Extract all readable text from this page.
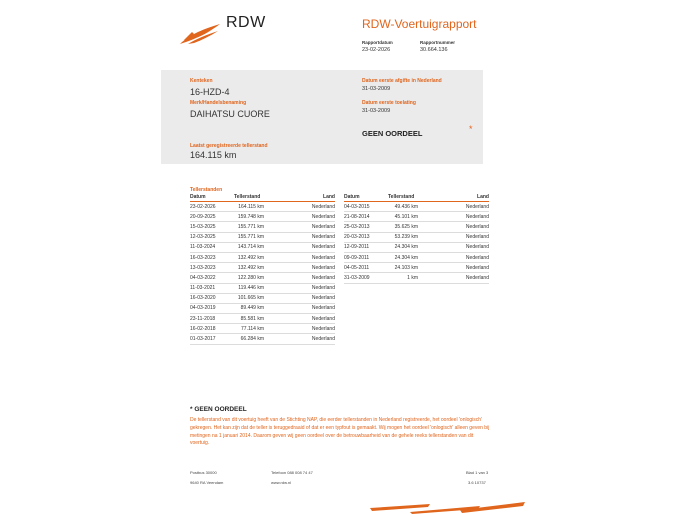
RDW	RDW-Voertuigrapport
Rapportdatum
23-02-2026
Rapportnummer
30.664.136
Kenteken
16-HZD-4
Merk/Handelsbenaming
DAIHATSU CUORE
Laatst geregistreerde tellerstand
164.115 km
Datum eerste afgifte in Nederland
31-03-2009
Datum eerste toelating
31-03-2009
GEEN OORDEEL	*
Tellerstanden
Datum	Tellerstand	Land
23-02-2026	164.115 km	Nederland
20-09-2025	159.748 km	Nederland
15-03-2025	155.771 km	Nederland
12-03-2025	155.771 km	Nederland
11-03-2024	143.714 km	Nederland
16-03-2023	132.492 km	Nederland
13-03-2023	132.492 km	Nederland
04-03-2022	122.280 km	Nederland
11-03-2021	119.446 km	Nederland
16-03-2020	101.665 km	Nederland
04-03-2019	89.449 km	Nederland
23-11-2018	85.581 km	Nederland
16-02-2018	77.114 km	Nederland
01-03-2017	66.284 km	Nederland
Datum	Tellerstand	Land
04-03-2015	49.436 km	Nederland
21-08-2014	45.101 km	Nederland
25-03-2013	35.625 km	Nederland
20-03-2013	53.239 km	Nederland
12-09-2011	24.304 km	Nederland
09-09-2011	24.304 km	Nederland
04-05-2011	24.103 km	Nederland
31-03-2009	1 km	Nederland
* GEEN OORDEEL
De tellerstand van dit voertuig heeft van de Stichting NAP, die eerder tellerstanden in Nederland registreerde, het oordeel 'onlogisch' gekregen. Het kan zijn dat de teller is teruggedraaid of dat er een typfout is gemaakt. Wij mogen het oordeel 'onlogisch' alleen geven bij metingen na 1 januari 2014. Daarom geven wij geen oordeel over de betrouwbaarheid van de gehele reeks tellerstanden van dit voertuig.
Postbus 30000
9640 RA Veendam
Telefoon 088 008 74 47
www.rdw.nl
Blad 1 van 3
3.6 10737
